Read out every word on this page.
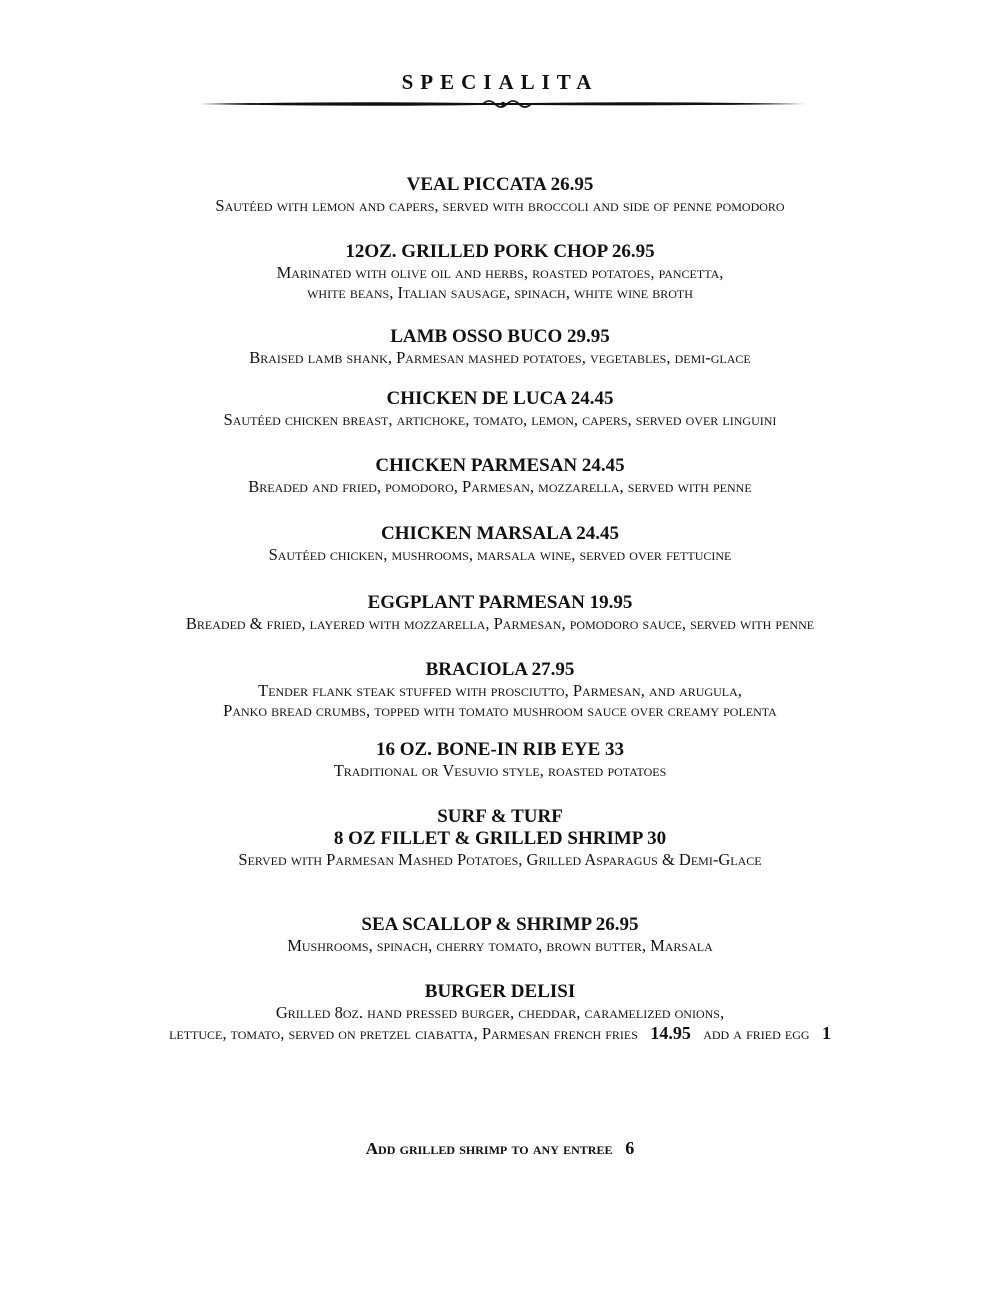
SPECIALITA

VEAL PICCATA 26.95

Sautéed with lemon and capers, served with broccoli and side of penne pomodoro

12OZ. GRILLED PORK CHOP 26.95

Marinated with olive oil and herbs, roasted potatoes, pancetta,

white beans, Italian sausage, spinach, white wine broth

LAMB OSSO BUCO 29.95

Braised lamb shank, Parmesan mashed potatoes, vegetables, demi-glace

CHICKEN DE LUCA 24.45

Sautéed chicken breast, artichoke, tomato, lemon, capers, served over linguini

CHICKEN PARMESAN 24.45

Breaded and fried, pomodoro, Parmesan, mozzarella, served with penne

CHICKEN MARSALA 24.45

Sautéed chicken, mushrooms, marsala wine, served over fettucine

EGGPLANT PARMESAN 19.95

Breaded & fried, layered with mozzarella, Parmesan, pomodoro sauce, served with penne

BRACIOLA 27.95

Tender flank steak stuffed with prosciutto, Parmesan, and arugula,

Panko bread crumbs, topped with tomato mushroom sauce over creamy polenta

16 OZ. BONE-IN RIB EYE 33

Traditional or Vesuvio style, roasted potatoes

SURF & TURF

8 OZ FILLET & GRILLED SHRIMP 30

Served with Parmesan Mashed Potatoes, Grilled Asparagus & Demi-Glace

SEA SCALLOP & SHRIMP 26.95

Mushrooms, spinach, cherry tomato, brown butter, Marsala

BURGER DELISI

Grilled 8oz. hand pressed burger, cheddar, caramelized onions,

lettuce, tomato, served on pretzel ciabatta, Parmesan french fries 14.95 add a fried egg 1

Add grilled shrimp to any entree 6
